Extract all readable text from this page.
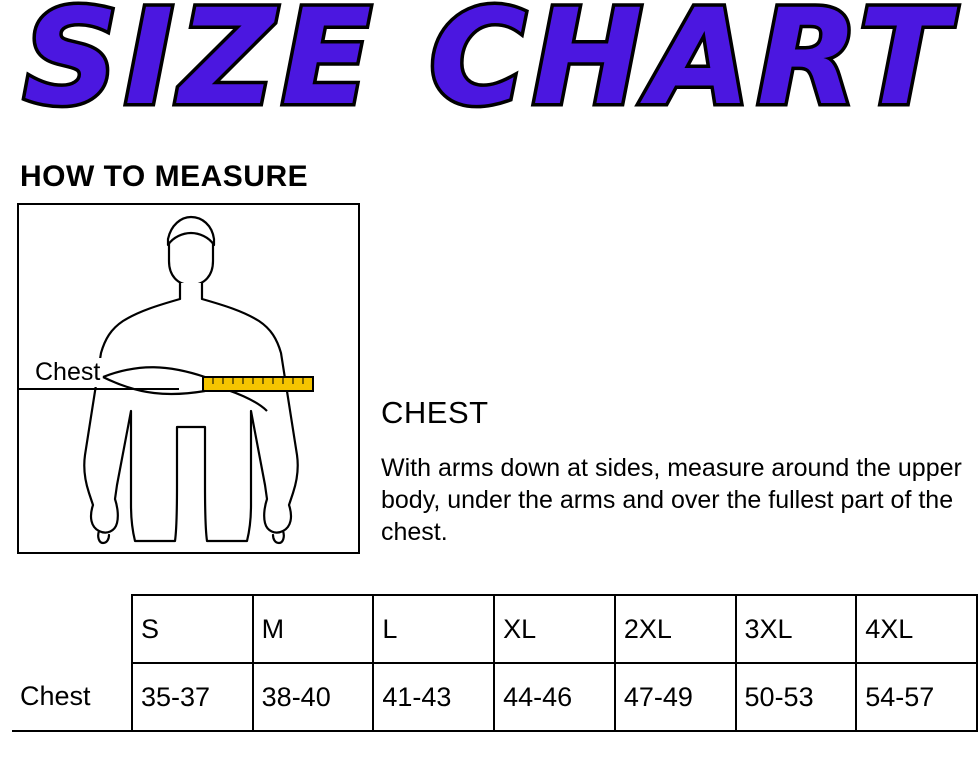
SIZE CHART
HOW TO MEASURE
Chest
CHEST
With arms down at sides, measure around the upper body, under the arms and over the fullest part of the chest.
	S	M	L	XL	2XL	3XL	4XL
Chest	35-37	38-40	41-43	44-46	47-49	50-53	54-57
